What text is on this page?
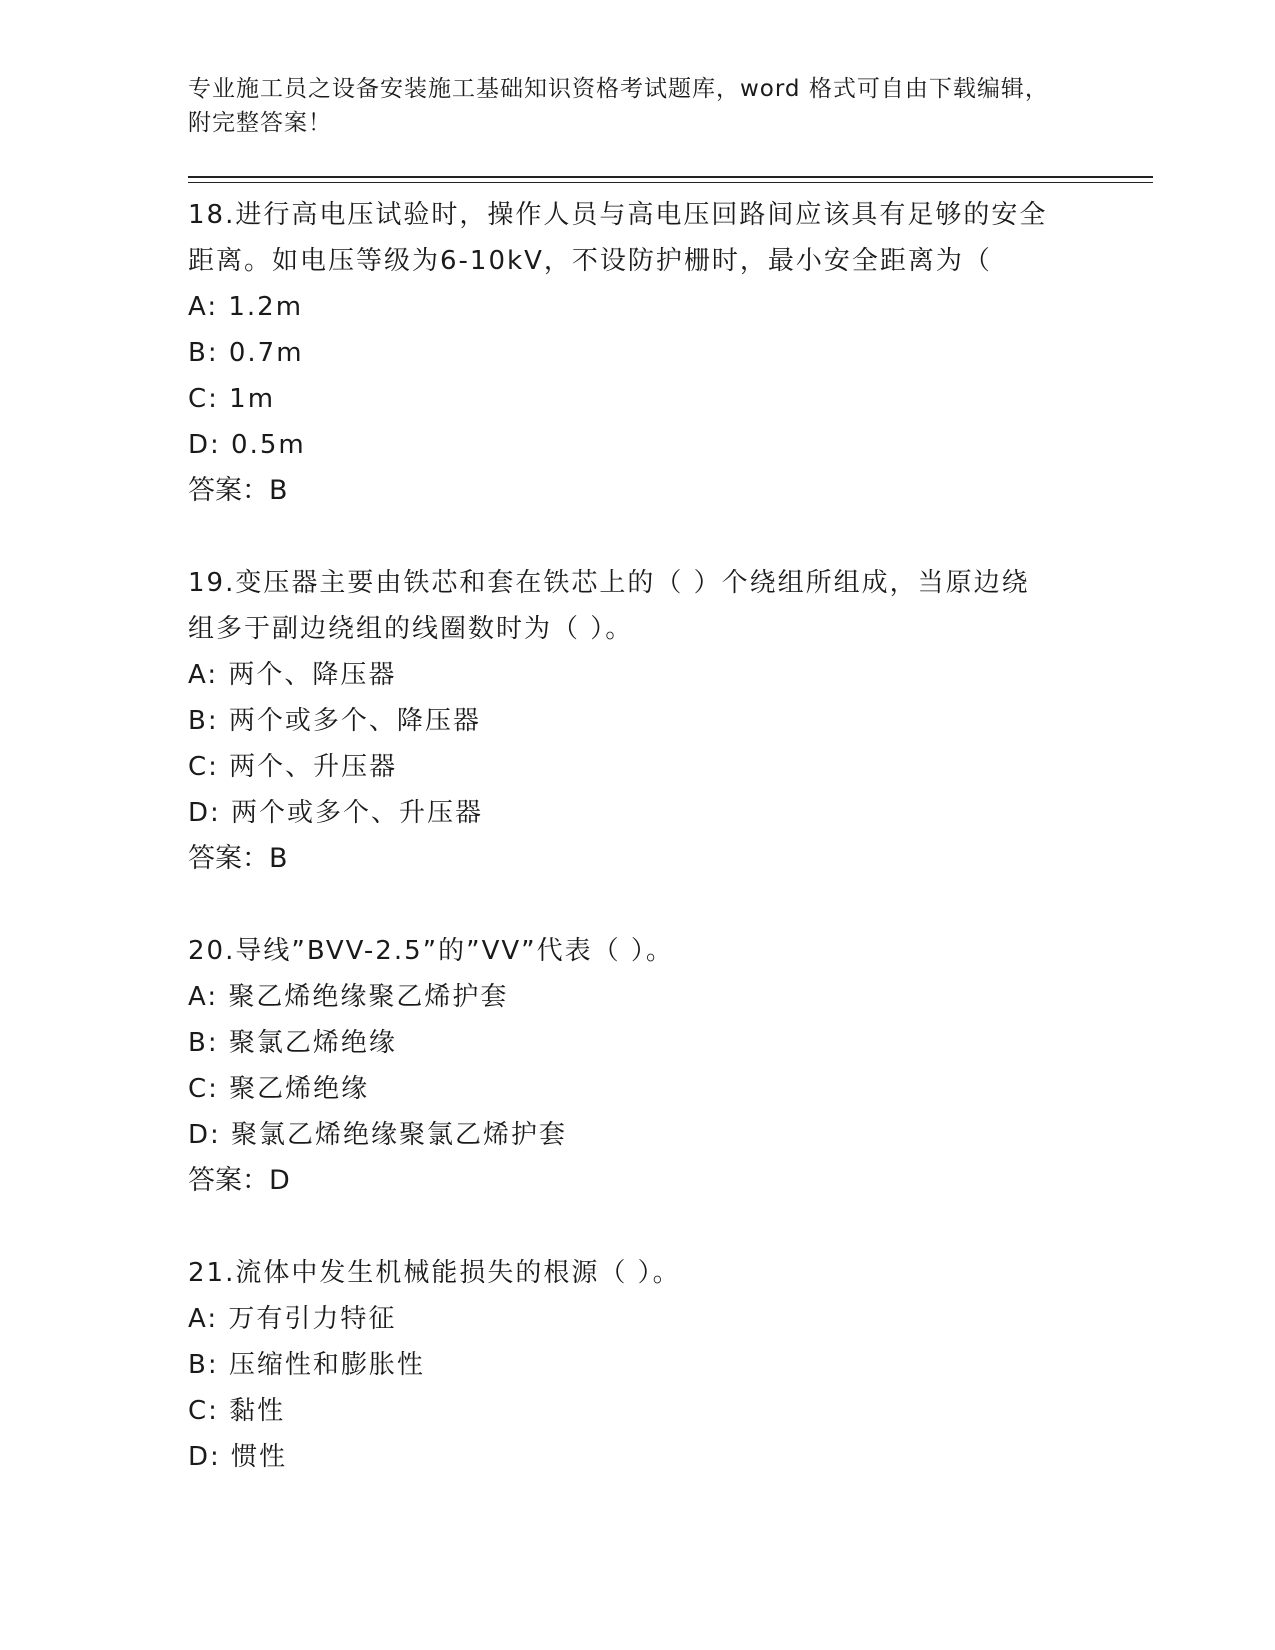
专业施工员之设备安装施工基础知识资格考试题库，word 格式可自由下载编辑，
附完整答案！

18.进行高电压试验时，操作人员与高电压回路间应该具有足够的安全

距离。如电压等级为6-10kV，不设防护栅时，最小安全距离为（

A: 1.2m

B: 0.7m

C: 1m

D: 0.5m

答案：B

19.变压器主要由铁芯和套在铁芯上的（ ）个绕组所组成，当原边绕

组多于副边绕组的线圈数时为（ ）。

A: 两个、降压器

B: 两个或多个、降压器

C: 两个、升压器

D: 两个或多个、升压器

答案：B

20.导线”BVV-2.5”的”VV”代表（ ）。

A: 聚乙烯绝缘聚乙烯护套

B: 聚氯乙烯绝缘

C: 聚乙烯绝缘

D: 聚氯乙烯绝缘聚氯乙烯护套

答案：D

21.流体中发生机械能损失的根源（ ）。

A: 万有引力特征

B: 压缩性和膨胀性

C: 黏性

D: 惯性
